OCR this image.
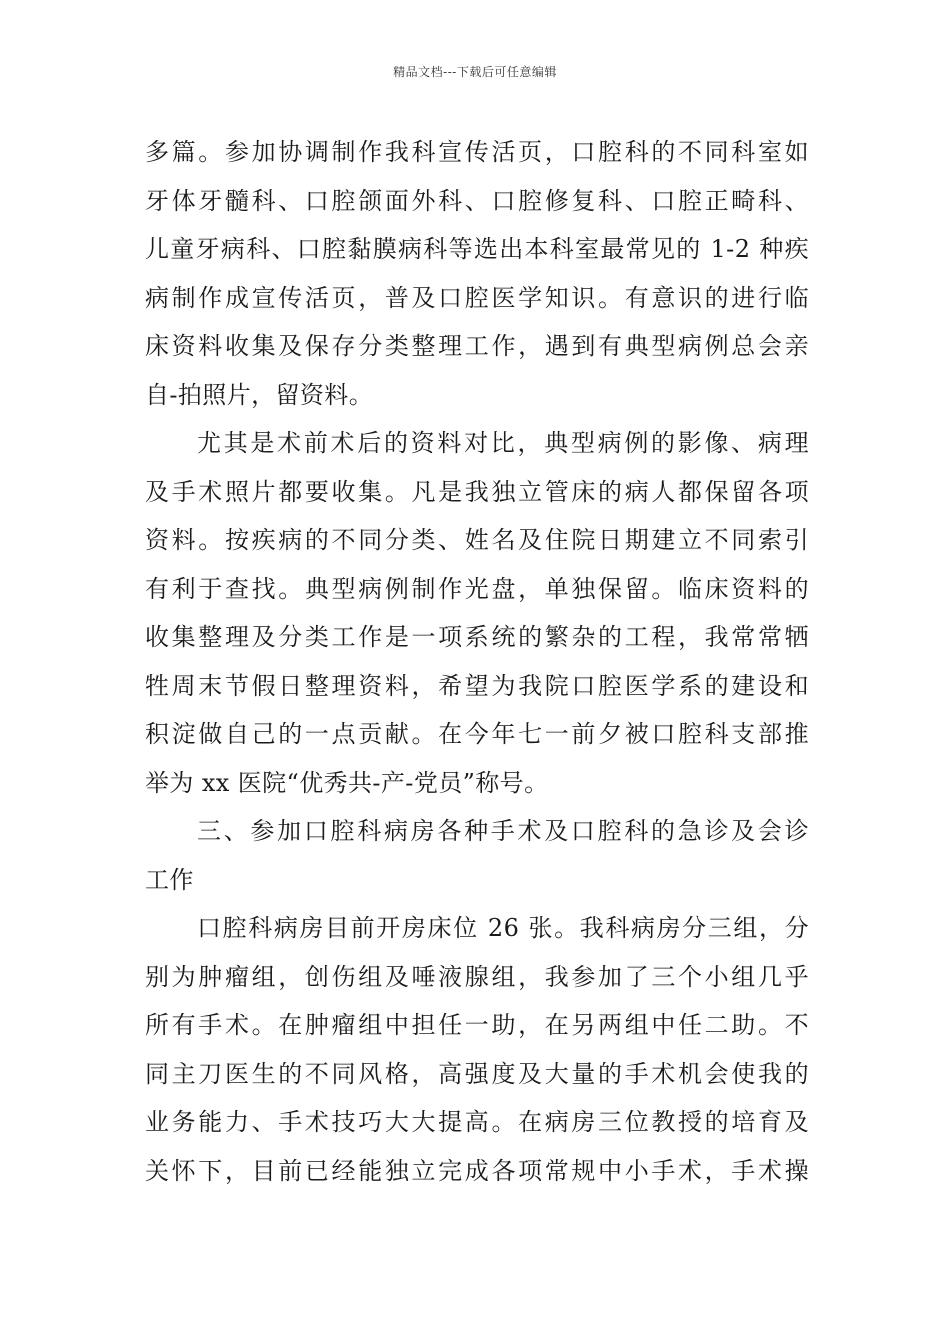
精品文档---下载后可任意编辑
多篇。参加协调制作我科宣传活页，口腔科的不同科室如
牙体牙髓科、口腔颌面外科、口腔修复科、口腔正畸科、
儿童牙病科、口腔黏膜病科等选出本科室最常见的 1-2 种疾
病制作成宣传活页，普及口腔医学知识。有意识的进行临
床资料收集及保存分类整理工作，遇到有典型病例总会亲
自-拍照片，留资料。
尤其是术前术后的资料对比，典型病例的影像、病理
及手术照片都要收集。凡是我独立管床的病人都保留各项
资料。按疾病的不同分类、姓名及住院日期建立不同索引
有利于查找。典型病例制作光盘，单独保留。临床资料的
收集整理及分类工作是一项系统的繁杂的工程，我常常牺
牲周末节假日整理资料，希望为我院口腔医学系的建设和
积淀做自己的一点贡献。在今年七一前夕被口腔科支部推
举为 xx 医院“优秀共-产-党员”称号。
三、参加口腔科病房各种手术及口腔科的急诊及会诊
工作
口腔科病房目前开房床位 26 张。我科病房分三组，分
别为肿瘤组，创伤组及唾液腺组，我参加了三个小组几乎
所有手术。在肿瘤组中担任一助，在另两组中任二助。不
同主刀医生的不同风格，高强度及大量的手术机会使我的
业务能力、手术技巧大大提高。在病房三位教授的培育及
关怀下，目前已经能独立完成各项常规中小手术，手术操
